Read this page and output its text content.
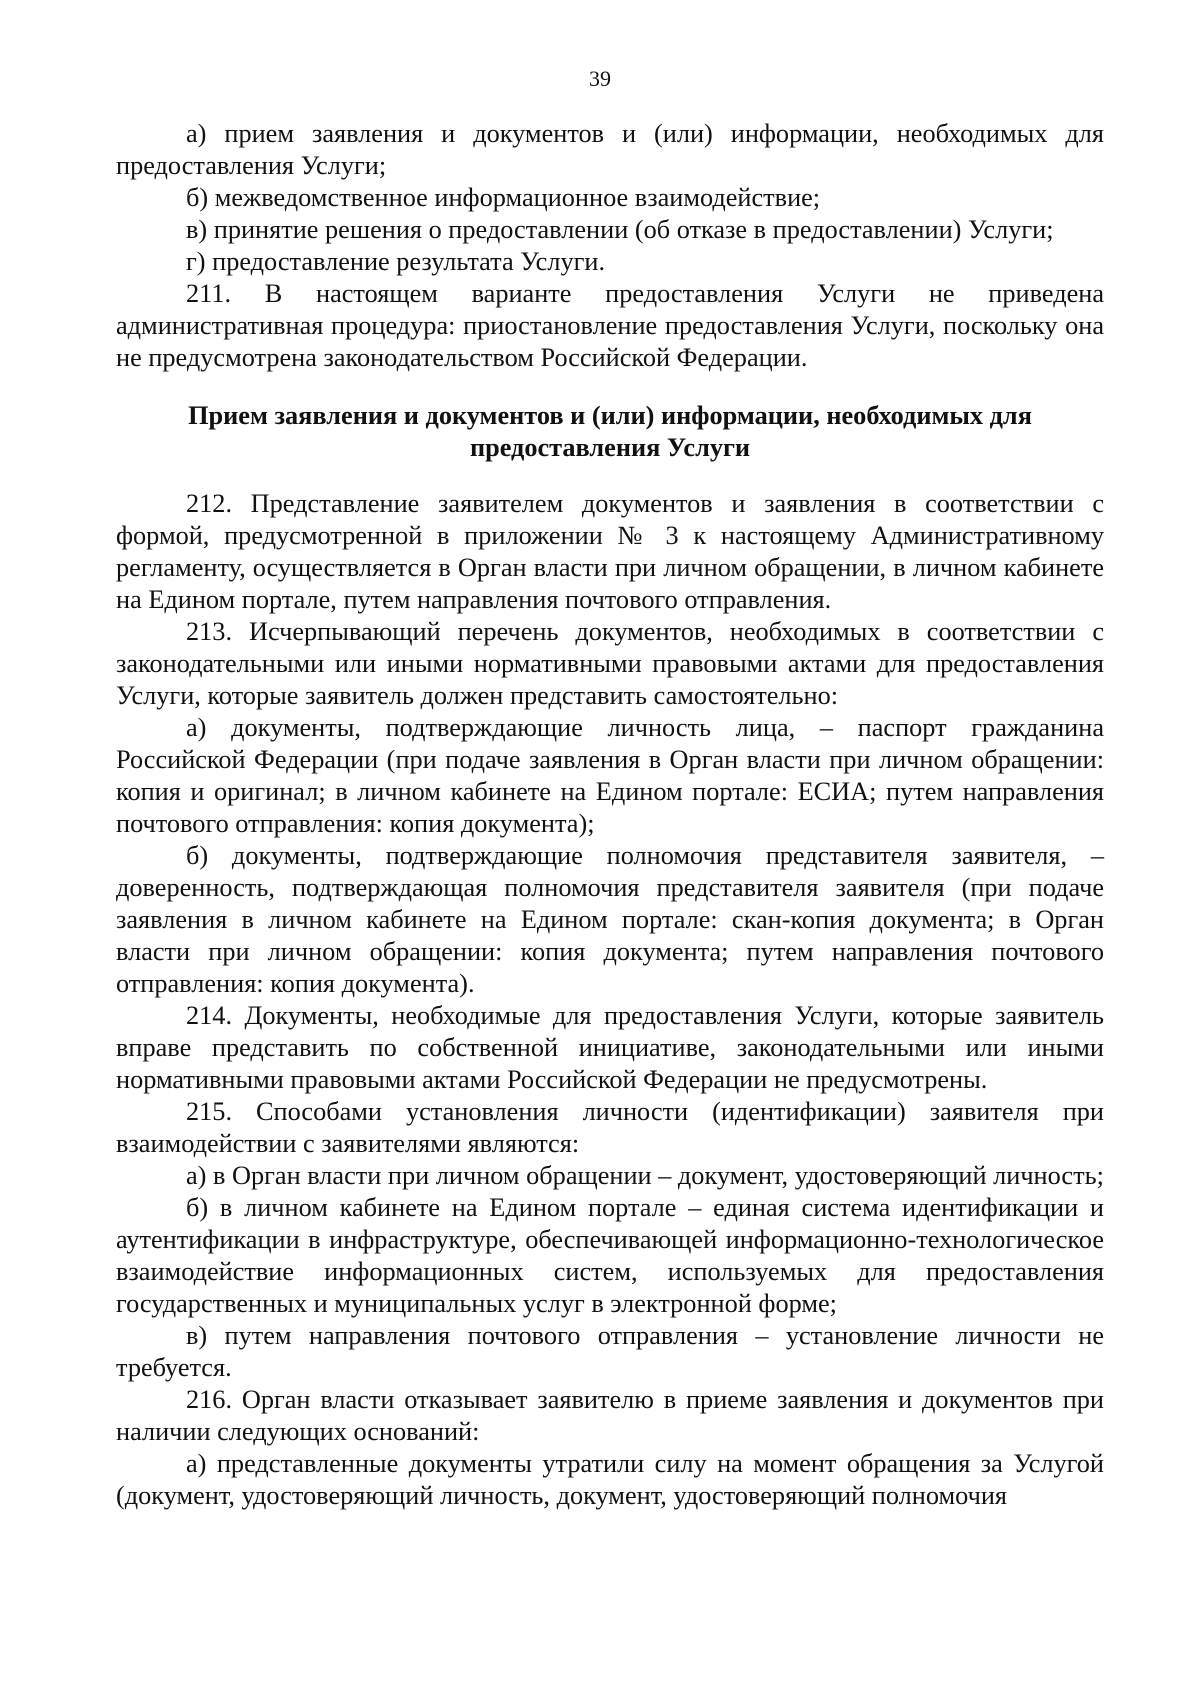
39

а) прием заявления и документов и (или) информации, необходимых для предоставления Услуги;

б) межведомственное информационное взаимодействие;

в) принятие решения о предоставлении (об отказе в предоставлении) Услуги;

г) предоставление результата Услуги.

211. В настоящем варианте предоставления Услуги не приведена административная процедура: приостановление предоставления Услуги, поскольку она не предусмотрена законодательством Российской Федерации.

Прием заявления и документов и (или) информации, необходимых для
предоставления Услуги

212. Представление заявителем документов и заявления в соответствии с формой, предусмотренной в приложении № 3 к настоящему Административному регламенту, осуществляется в Орган власти при личном обращении, в личном кабинете на Едином портале, путем направления почтового отправления.

213. Исчерпывающий перечень документов, необходимых в соответствии с законодательными или иными нормативными правовыми актами для предоставления Услуги, которые заявитель должен представить самостоятельно:

а) документы, подтверждающие личность лица, – паспорт гражданина Российской Федерации (при подаче заявления в Орган власти при личном обращении: копия и оригинал; в личном кабинете на Едином портале: ЕСИА; путем направления почтового отправления: копия документа);

б) документы, подтверждающие полномочия представителя заявителя, – доверенность, подтверждающая полномочия представителя заявителя (при подаче заявления в личном кабинете на Едином портале: скан-копия документа; в Орган власти при личном обращении: копия документа; путем направления почтового отправления: копия документа).

214. Документы, необходимые для предоставления Услуги, которые заявитель вправе представить по собственной инициативе, законодательными или иными нормативными правовыми актами Российской Федерации не предусмотрены.

215. Способами установления личности (идентификации) заявителя при взаимодействии с заявителями являются:

а) в Орган власти при личном обращении – документ, удостоверяющий личность;

б) в личном кабинете на Едином портале – единая система идентификации и аутентификации в инфраструктуре, обеспечивающей информационно-технологическое взаимодействие информационных систем, используемых для предоставления государственных и муниципальных услуг в электронной форме;

в) путем направления почтового отправления – установление личности не требуется.

216. Орган власти отказывает заявителю в приеме заявления и документов при наличии следующих оснований:

а) представленные документы утратили силу на момент обращения за Услугой (документ, удостоверяющий личность, документ, удостоверяющий полномочия
